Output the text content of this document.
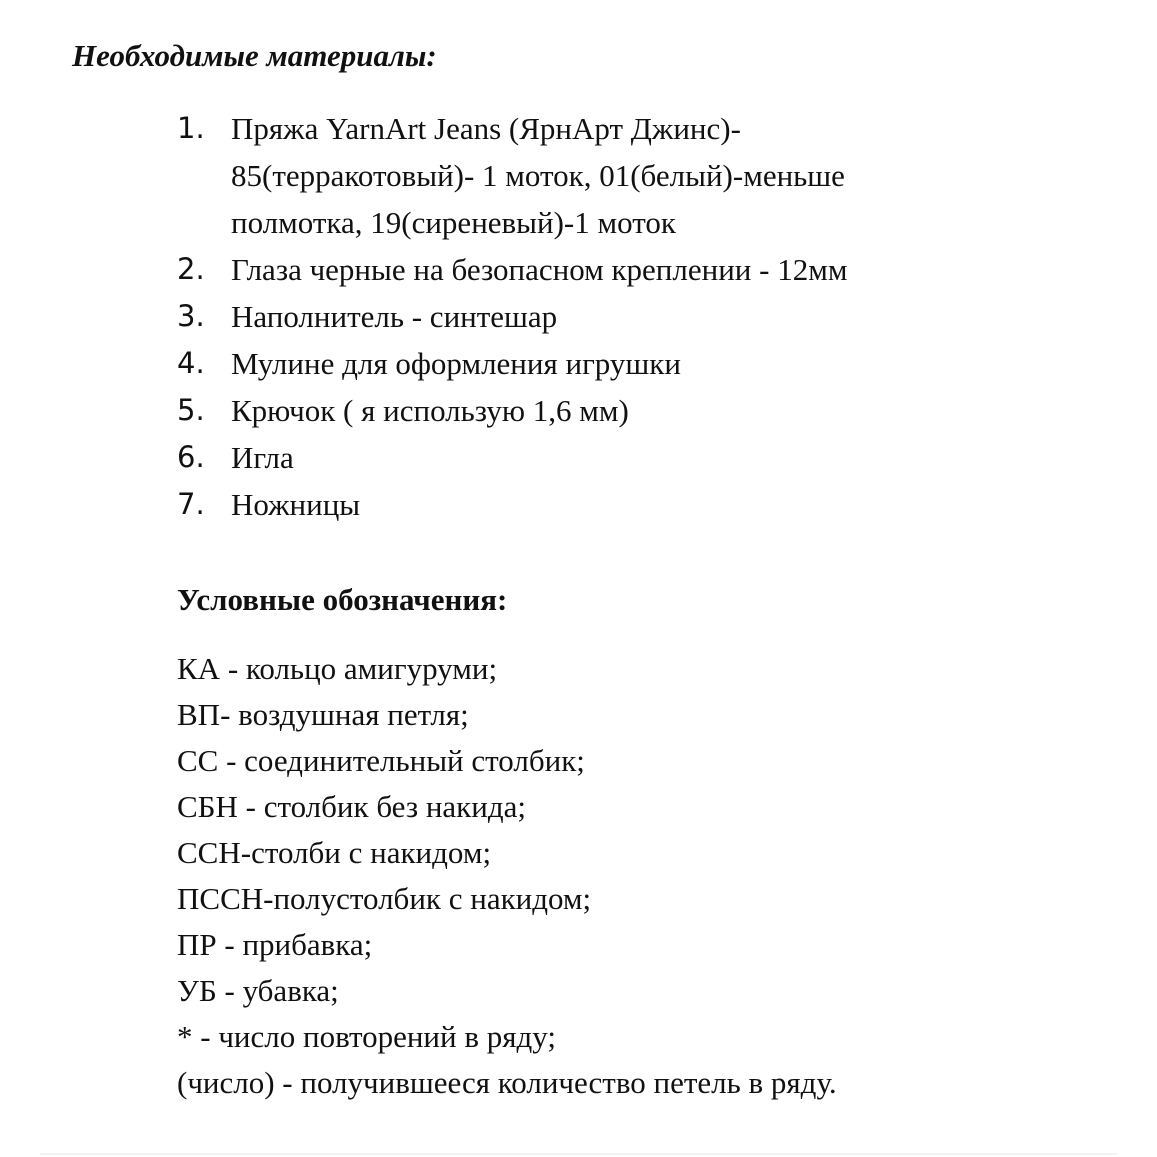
Необходимые материалы:
1. Пряжа YarnArt Jeans (ЯрнАрт Джинс)- 85(терракотовый)- 1 моток, 01(белый)-меньше полмотка, 19(сиреневый)-1 моток
2. Глаза черные на безопасном креплении - 12мм
3. Наполнитель - синтешар
4. Мулине для оформления игрушки
5. Крючок ( я использую 1,6 мм)
6. Игла
7. Ножницы
Условные обозначения:
КА - кольцо амигуруми;
ВП- воздушная петля;
СС - соединительный столбик;
СБН - столбик без накида;
ССН-столби с накидом;
ПССН-полустолбик с накидом;
ПР - прибавка;
УБ - убавка;
* - число повторений в ряду;
(число) - получившееся количество петель в ряду.
